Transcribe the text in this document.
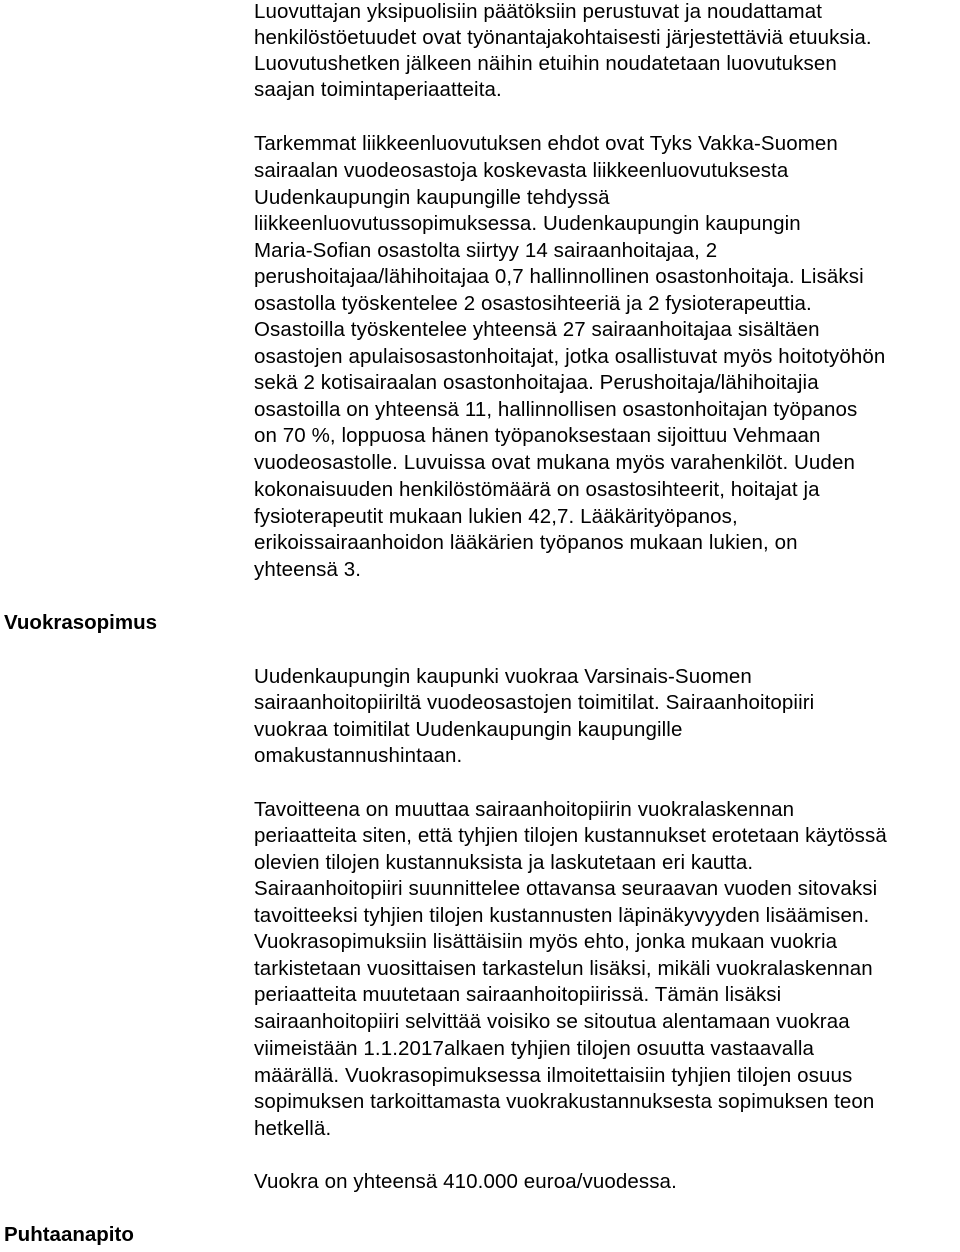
Luovuttajan yksipuolisiin päätöksiin perustuvat ja noudattamat
henkilöstöetuudet ovat työnantajakohtaisesti järjestettäviä etuuksia.
Luovutushetken jälkeen näihin etuihin noudatetaan luovutuksen
saajan toimintaperiaatteita.
Tarkemmat liikkeenluovutuksen ehdot ovat Tyks Vakka-Suomen
sairaalan vuodeosastoja koskevasta liikkeenluovutuksesta
Uudenkaupungin kaupungille tehdyssä
liikkeenluovutussopimuksessa. Uudenkaupungin kaupungin
Maria-Sofian osastolta siirtyy 14 sairaanhoitajaa, 2
perushoitajaa/lähihoitajaa 0,7 hallinnollinen osastonhoitaja. Lisäksi
osastolla työskentelee 2 osastosihteeriä ja 2 fysioterapeuttia.
Osastoilla työskentelee yhteensä 27 sairaanhoitajaa sisältäen
osastojen apulaisosastonhoitajat, jotka osallistuvat myös hoitotyöhön
sekä 2 kotisairaalan osastonhoitajaa. Perushoitaja/lähihoitajia
osastoilla on yhteensä 11, hallinnollisen osastonhoitajan työpanos
on 70 %, loppuosa hänen työpanoksestaan sijoittuu Vehmaan
vuodeosastolle. Luvuissa ovat mukana myös varahenkilöt. Uuden
kokonaisuuden henkilöstömäärä on osastosihteerit, hoitajat ja
fysioterapeutit mukaan lukien 42,7. Lääkärityöpanos,
erikoissairaanhoidon lääkärien työpanos mukaan lukien, on
yhteensä 3.
Vuokrasopimus
Uudenkaupungin kaupunki vuokraa Varsinais-Suomen
sairaanhoitopiiriltä vuodeosastojen toimitilat. Sairaanhoitopiiri
vuokraa toimitilat Uudenkaupungin kaupungille
omakustannushintaan.
Tavoitteena on muuttaa sairaanhoitopiirin vuokralaskennan
periaatteita siten, että tyhjien tilojen kustannukset erotetaan käytössä
olevien tilojen kustannuksista ja laskutetaan eri kautta.
Sairaanhoitopiiri suunnittelee ottavansa seuraavan vuoden sitovaksi
tavoitteeksi tyhjien tilojen kustannusten läpinäkyvyyden lisäämisen.
Vuokrasopimuksiin lisättäisiin myös ehto, jonka mukaan vuokria
tarkistetaan vuosittaisen tarkastelun lisäksi, mikäli vuokralaskennan
periaatteita muutetaan sairaanhoitopiirissä. Tämän lisäksi
sairaanhoitopiiri selvittää voisiko se sitoutua alentamaan vuokraa
viimeistään 1.1.2017alkaen tyhjien tilojen osuutta vastaavalla
määrällä. Vuokrasopimuksessa ilmoitettaisiin tyhjien tilojen osuus
sopimuksen tarkoittamasta vuokrakustannuksesta sopimuksen teon
hetkellä.
Vuokra on yhteensä 410.000 euroa/vuodessa.
Puhtaanapito
